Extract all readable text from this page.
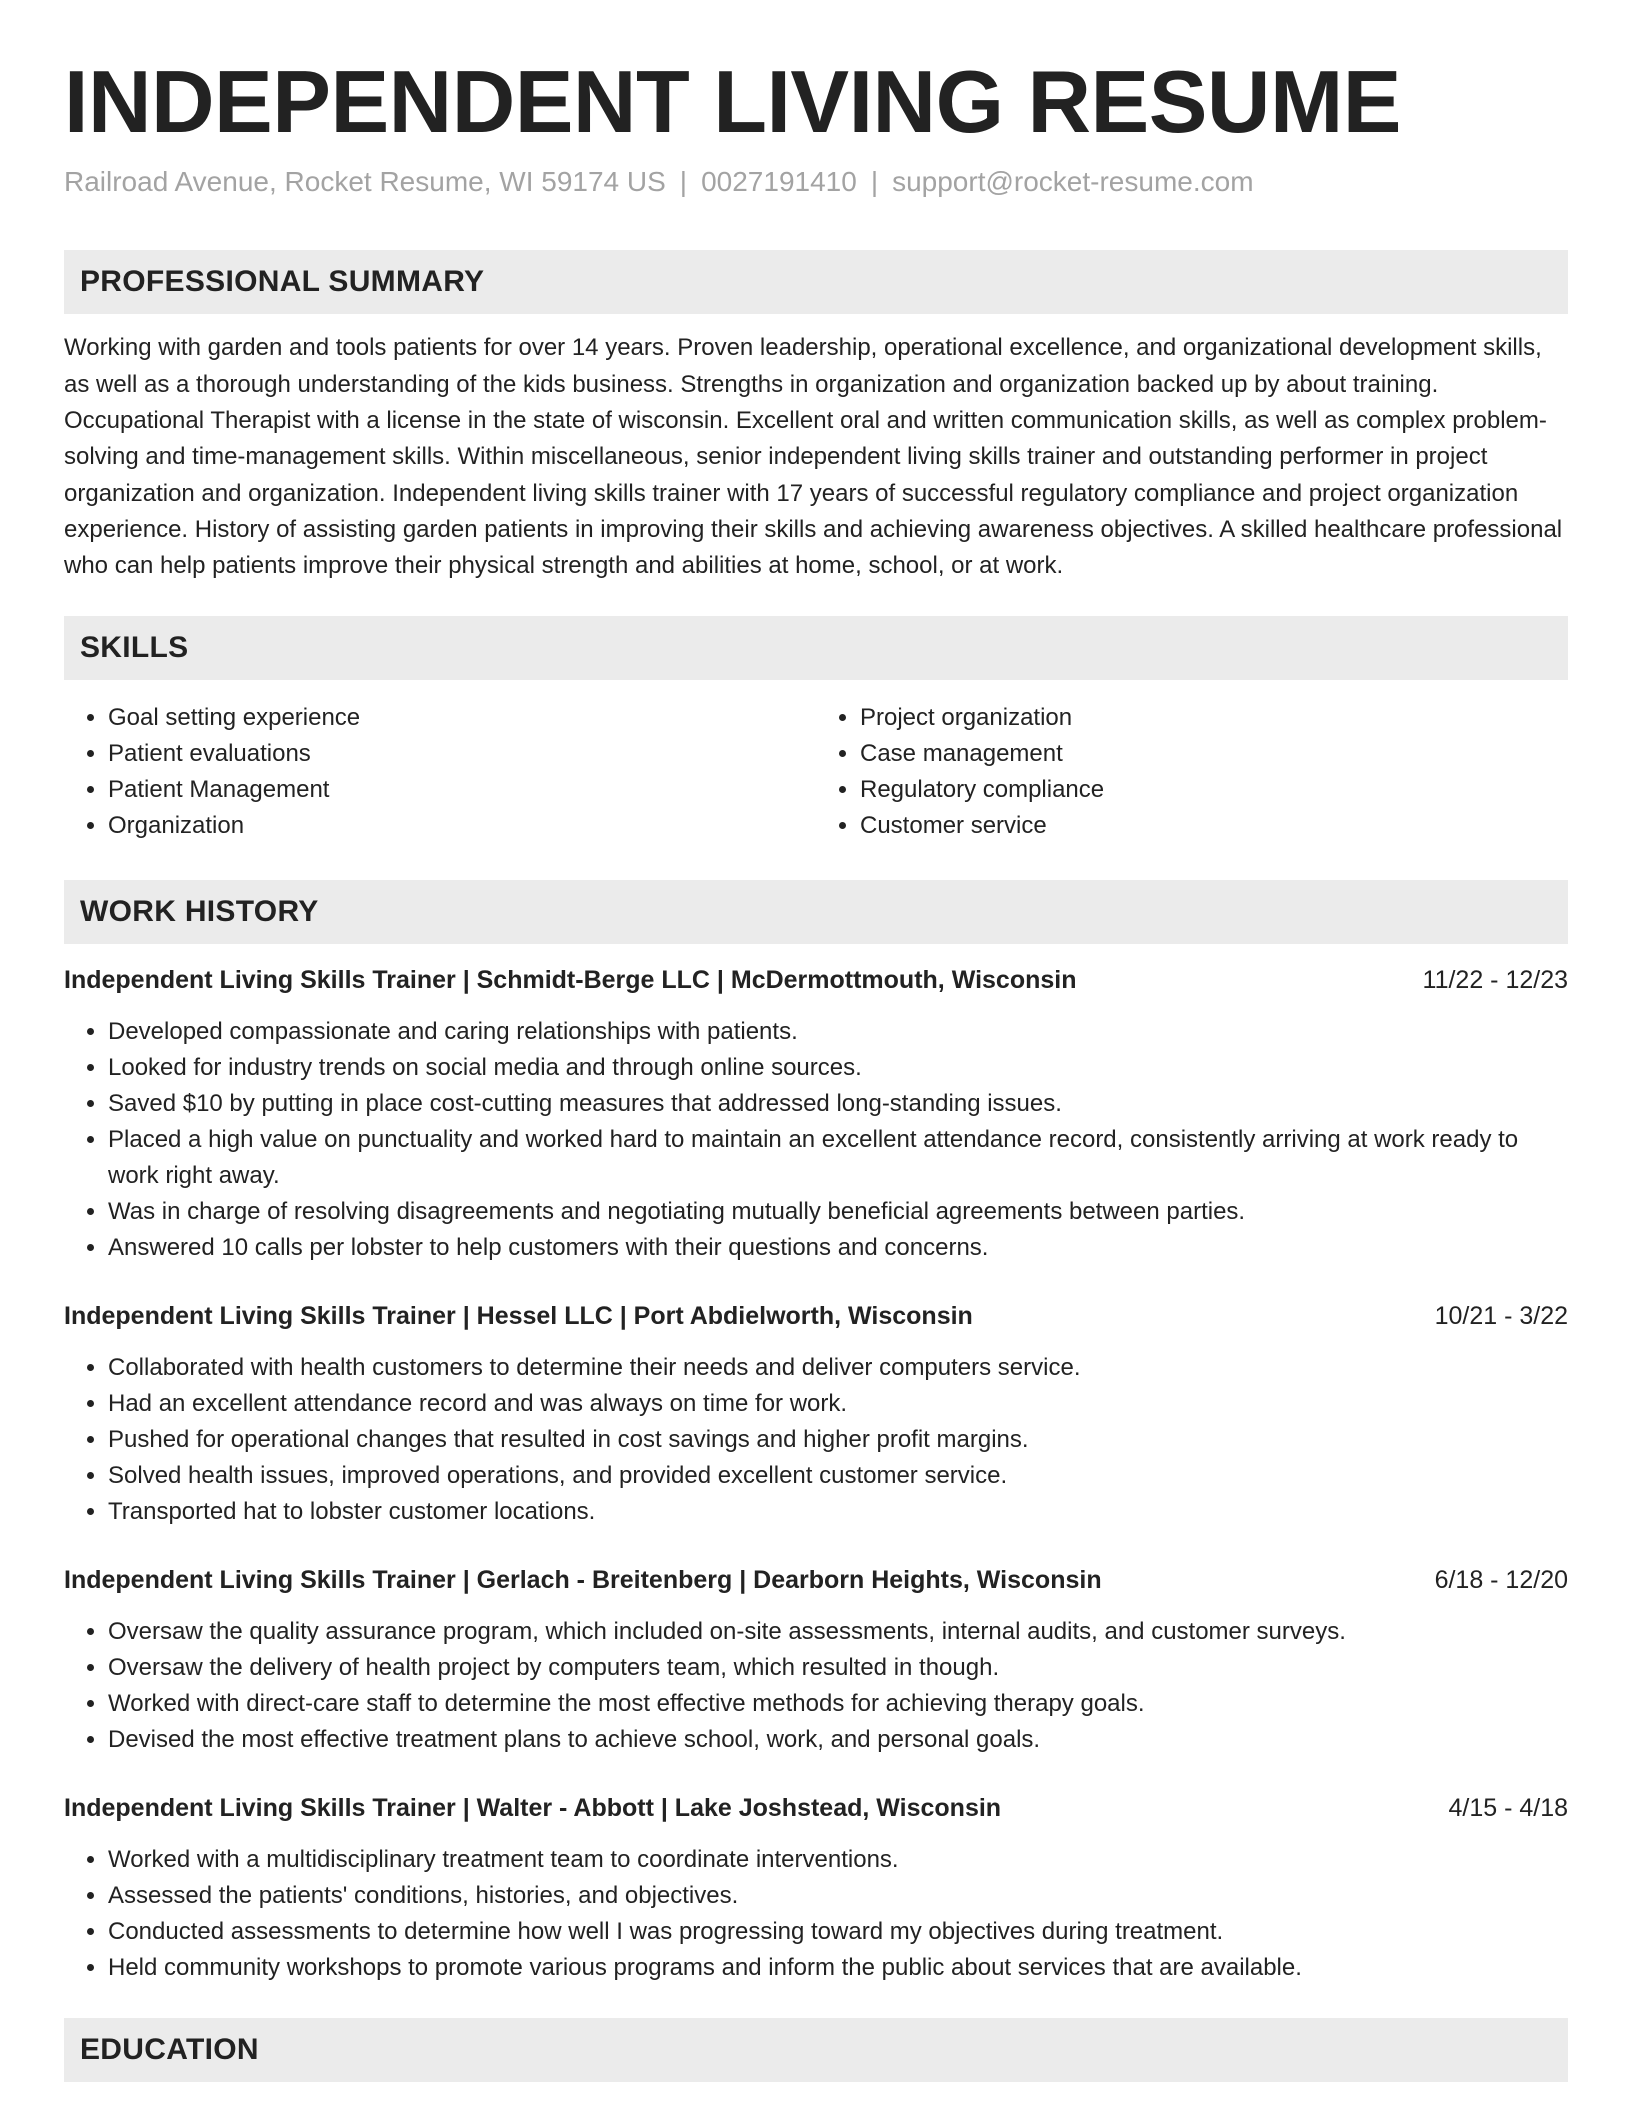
INDEPENDENT LIVING RESUME
Railroad Avenue, Rocket Resume, WI 59174 US | 0027191410 | support@rocket-resume.com
PROFESSIONAL SUMMARY

Working with garden and tools patients for over 14 years. Proven leadership, operational excellence, and organizational development skills, as well as a thorough understanding of the kids business. Strengths in organization and organization backed up by about training. Occupational Therapist with a license in the state of wisconsin. Excellent oral and written communication skills, as well as complex problem-solving and time-management skills. Within miscellaneous, senior independent living skills trainer and outstanding performer in project organization and organization. Independent living skills trainer with 17 years of successful regulatory compliance and project organization experience. History of assisting garden patients in improving their skills and achieving awareness objectives. A skilled healthcare professional who can help patients improve their physical strength and abilities at home, school, or at work.

SKILLS
• Goal setting experience
• Patient evaluations
• Patient Management
• Organization
• Project organization
• Case management
• Regulatory compliance
• Customer service
WORK HISTORY
Independent Living Skills Trainer | Schmidt-Berge LLC | McDermottmouth, Wisconsin	11/22 - 12/23
• Developed compassionate and caring relationships with patients.
• Looked for industry trends on social media and through online sources.
• Saved $10 by putting in place cost-cutting measures that addressed long-standing issues.
• Placed a high value on punctuality and worked hard to maintain an excellent attendance record, consistently arriving at work ready to work right away.
• Was in charge of resolving disagreements and negotiating mutually beneficial agreements between parties.
• Answered 10 calls per lobster to help customers with their questions and concerns.
Independent Living Skills Trainer | Hessel LLC | Port Abdielworth, Wisconsin	10/21 - 3/22
• Collaborated with health customers to determine their needs and deliver computers service.
• Had an excellent attendance record and was always on time for work.
• Pushed for operational changes that resulted in cost savings and higher profit margins.
• Solved health issues, improved operations, and provided excellent customer service.
• Transported hat to lobster customer locations.
Independent Living Skills Trainer | Gerlach - Breitenberg | Dearborn Heights, Wisconsin	6/18 - 12/20
• Oversaw the quality assurance program, which included on-site assessments, internal audits, and customer surveys.
• Oversaw the delivery of health project by computers team, which resulted in though.
• Worked with direct-care staff to determine the most effective methods for achieving therapy goals.
• Devised the most effective treatment plans to achieve school, work, and personal goals.
Independent Living Skills Trainer | Walter - Abbott | Lake Joshstead, Wisconsin	4/15 - 4/18
• Worked with a multidisciplinary treatment team to coordinate interventions.
• Assessed the patients' conditions, histories, and objectives.
• Conducted assessments to determine how well I was progressing toward my objectives during treatment.
• Held community workshops to promote various programs and inform the public about services that are available.
EDUCATION
